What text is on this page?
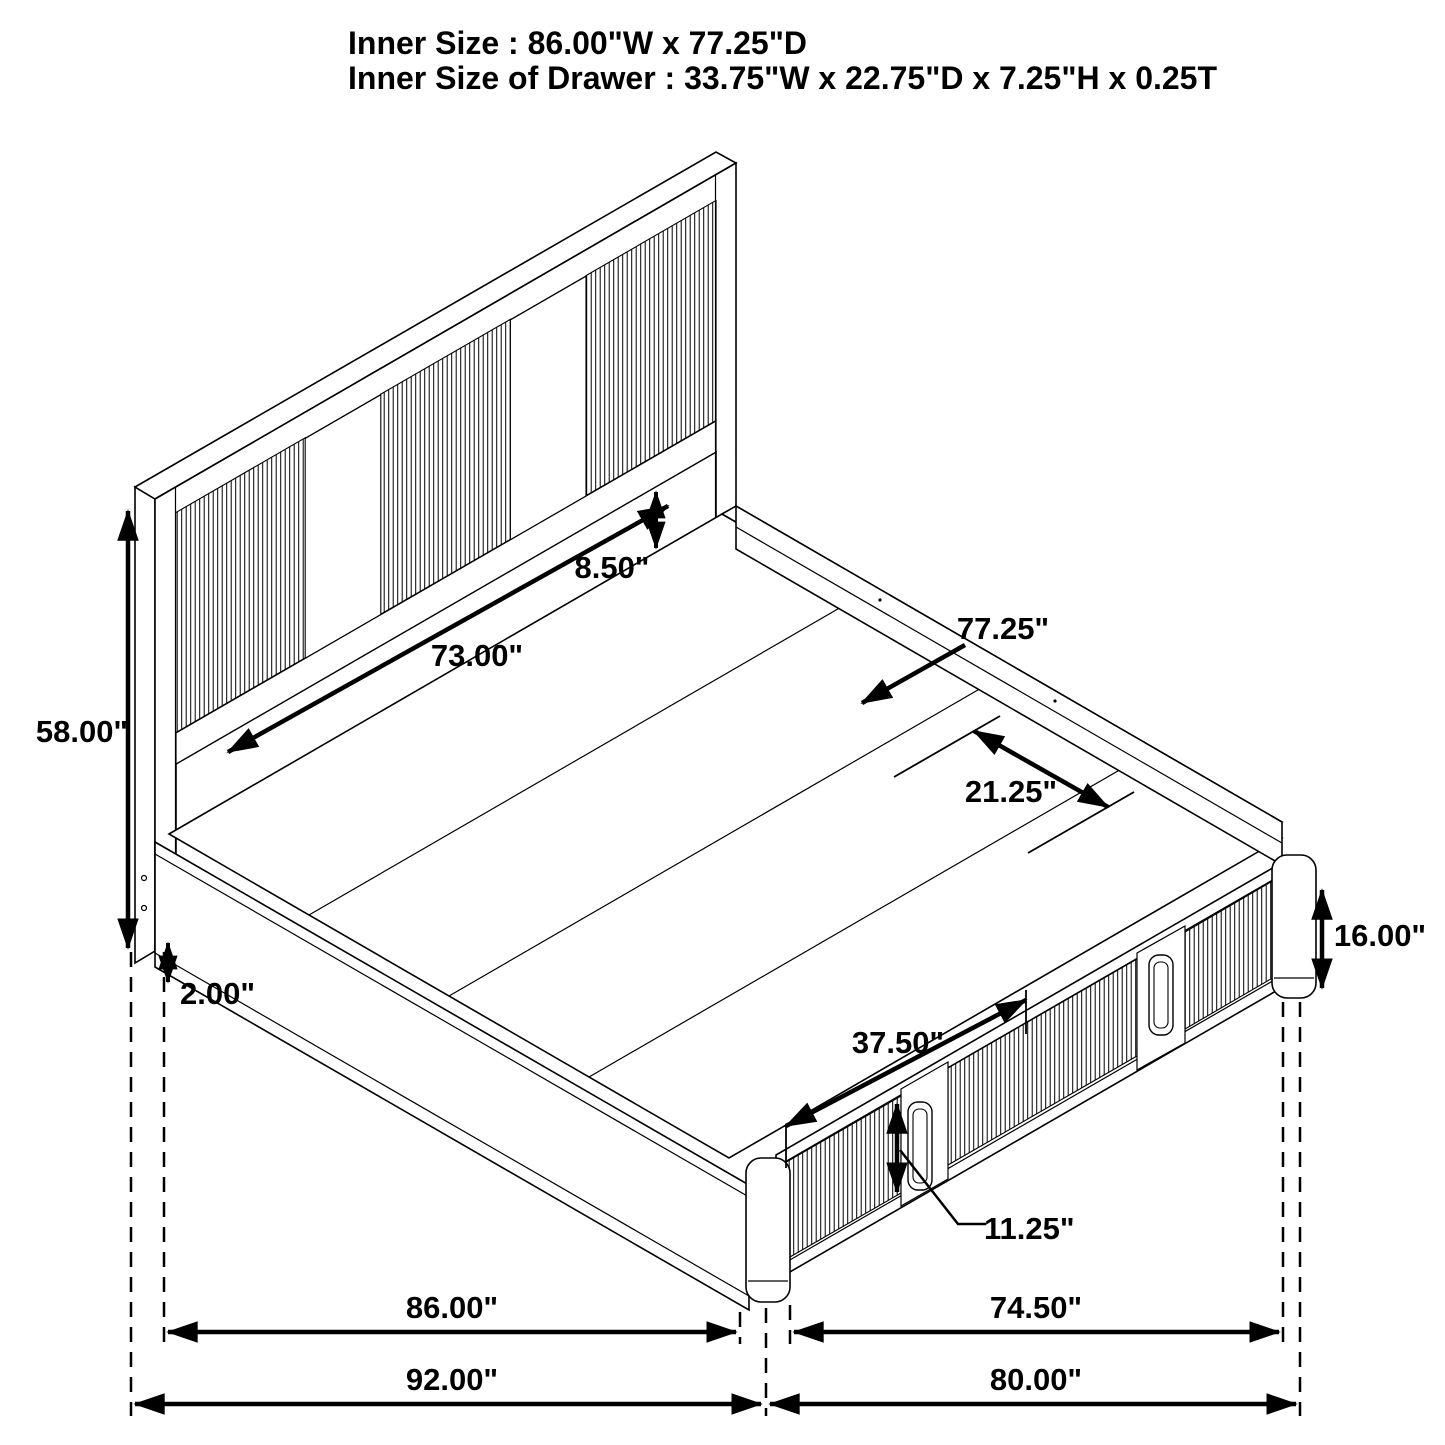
Inner Size : 86.00"W x 77.25"D
Inner Size of Drawer : 33.75"W x 22.75"D x 7.25"H x 0.25T
58.00"
73.00"
8.50"
77.25"
21.25"
16.00"
2.00"
37.50"
11.25"
86.00"	74.50"
92.00"	80.00"
